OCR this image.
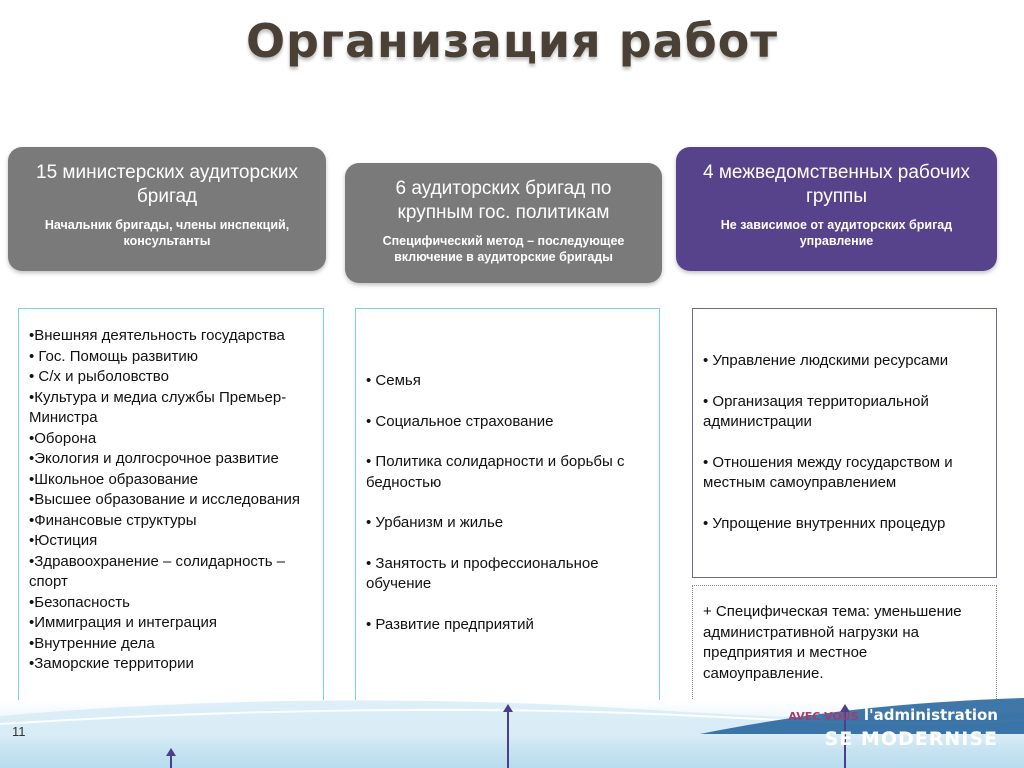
Организация работ
15 министерских аудиторских бригад
Начальник бригады, члены инспекций, консультанты
6 аудиторских бригад по крупным гос. политикам
Специфический метод – последующее включение в аудиторские бригады
4 межведомственных рабочих группы
Не зависимое от аудиторских бригад управление
•Внешняя деятельность государства
• Гос. Помощь развитию
• С/х и рыболовство
•Культура и медиа службы Премьер-Министра
•Оборона
•Экология и долгосрочное развитие
•Школьное образование
•Высшее образование и исследования
•Финансовые структуры
•Юстиция
•Здравоохранение – солидарность – спорт
•Безопасность
•Иммиграция и интеграция
•Внутренние дела
•Заморские территории
• Семья
• Социальное страхование
• Политика солидарности и борьбы с бедностью
• Урбанизм и жилье
• Занятость и профессиональное обучение
• Развитие предприятий
• Управление людскими ресурсами
• Организация территориальной администрации
• Отношения между государством и местным самоуправлением
• Упрощение внутренних процедур
+ Специфическая тема: уменьшение административной нагрузки на предприятия и местное самоуправление.
11
AVEC VOUS l'administration
SE MODERNISE
